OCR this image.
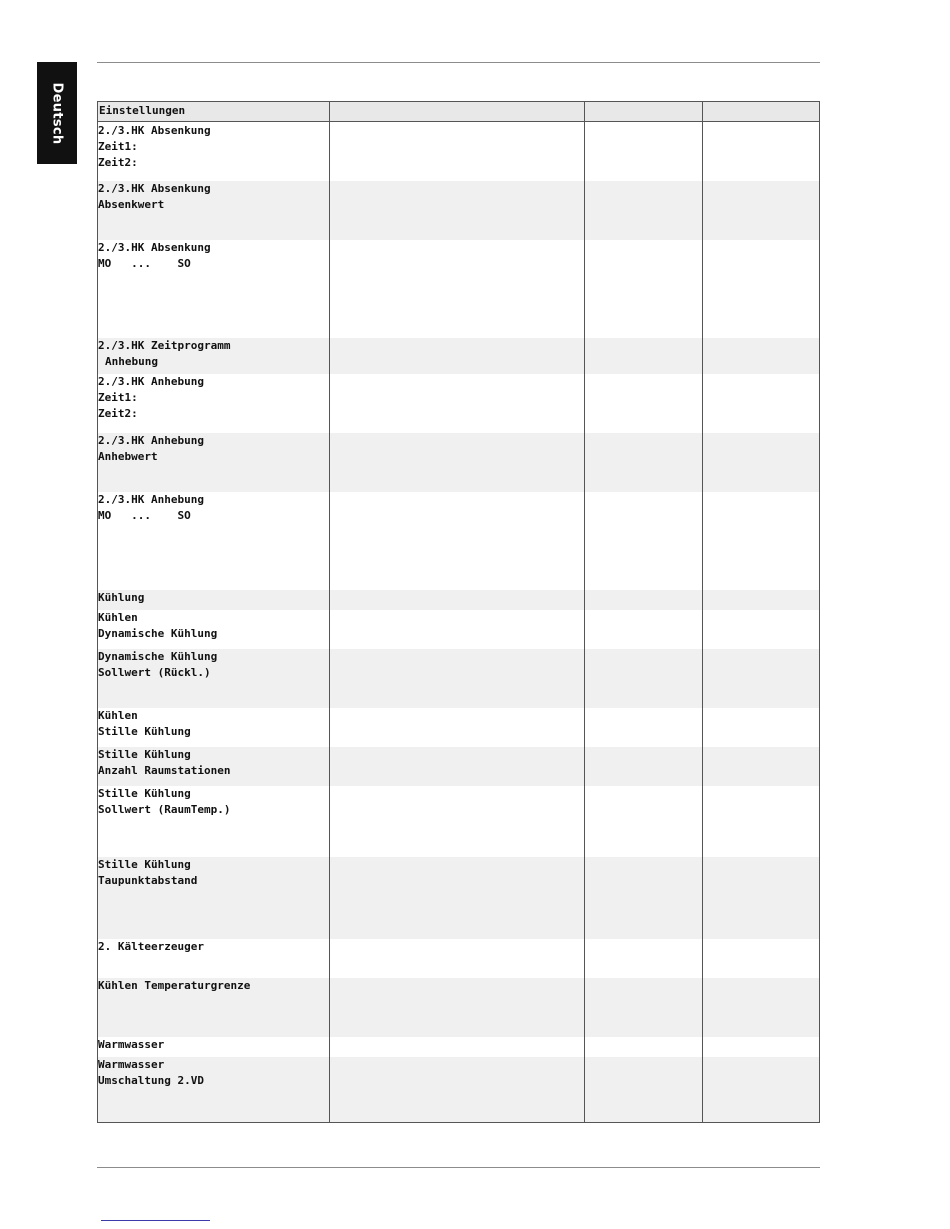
Deutsch	Einstellungen			

2./3.HK Absenkung
Zeit1:
Zeit2:			

2./3.HK Absenkung
Absenkwert			

2./3.HK Absenkung
MO   ...    SO			

2./3.HK Zeitprogramm
Anhebung			

2./3.HK Anhebung
Zeit1:
Zeit2:			

2./3.HK Anhebung
Anhebwert			

2./3.HK Anhebung
MO   ...    SO			

Kühlung			

Kühlen
Dynamische Kühlung			

Dynamische Kühlung
Sollwert (Rückl.)			

Kühlen
Stille Kühlung			

Stille Kühlung
Anzahl Raumstationen			

Stille Kühlung
Sollwert (RaumTemp.)			

Stille Kühlung
Taupunktabstand			

2. Kälteerzeuger			

Kühlen Temperaturgrenze			

Warmwasser			

Warmwasser
Umschaltung 2.VD			
